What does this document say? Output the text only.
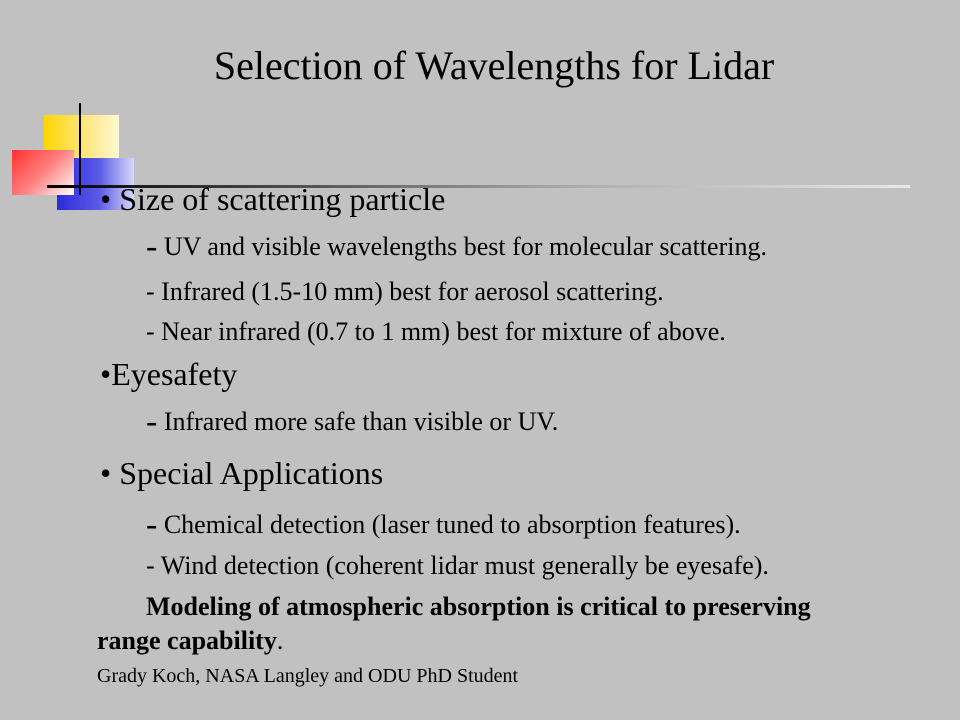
Selection of Wavelengths for Lidar
• Size of scattering particle
- UV and visible wavelengths best for molecular scattering.
- Infrared (1.5-10 mm) best for aerosol scattering.
- Near infrared (0.7 to 1 mm) best for mixture of above.
•Eyesafety
- Infrared more safe than visible or UV.
• Special Applications
- Chemical detection (laser tuned to absorption features).
- Wind detection (coherent lidar must generally be eyesafe).
Modeling of atmospheric absorption is critical to preserving
range capability.
Grady Koch, NASA Langley and ODU PhD Student
